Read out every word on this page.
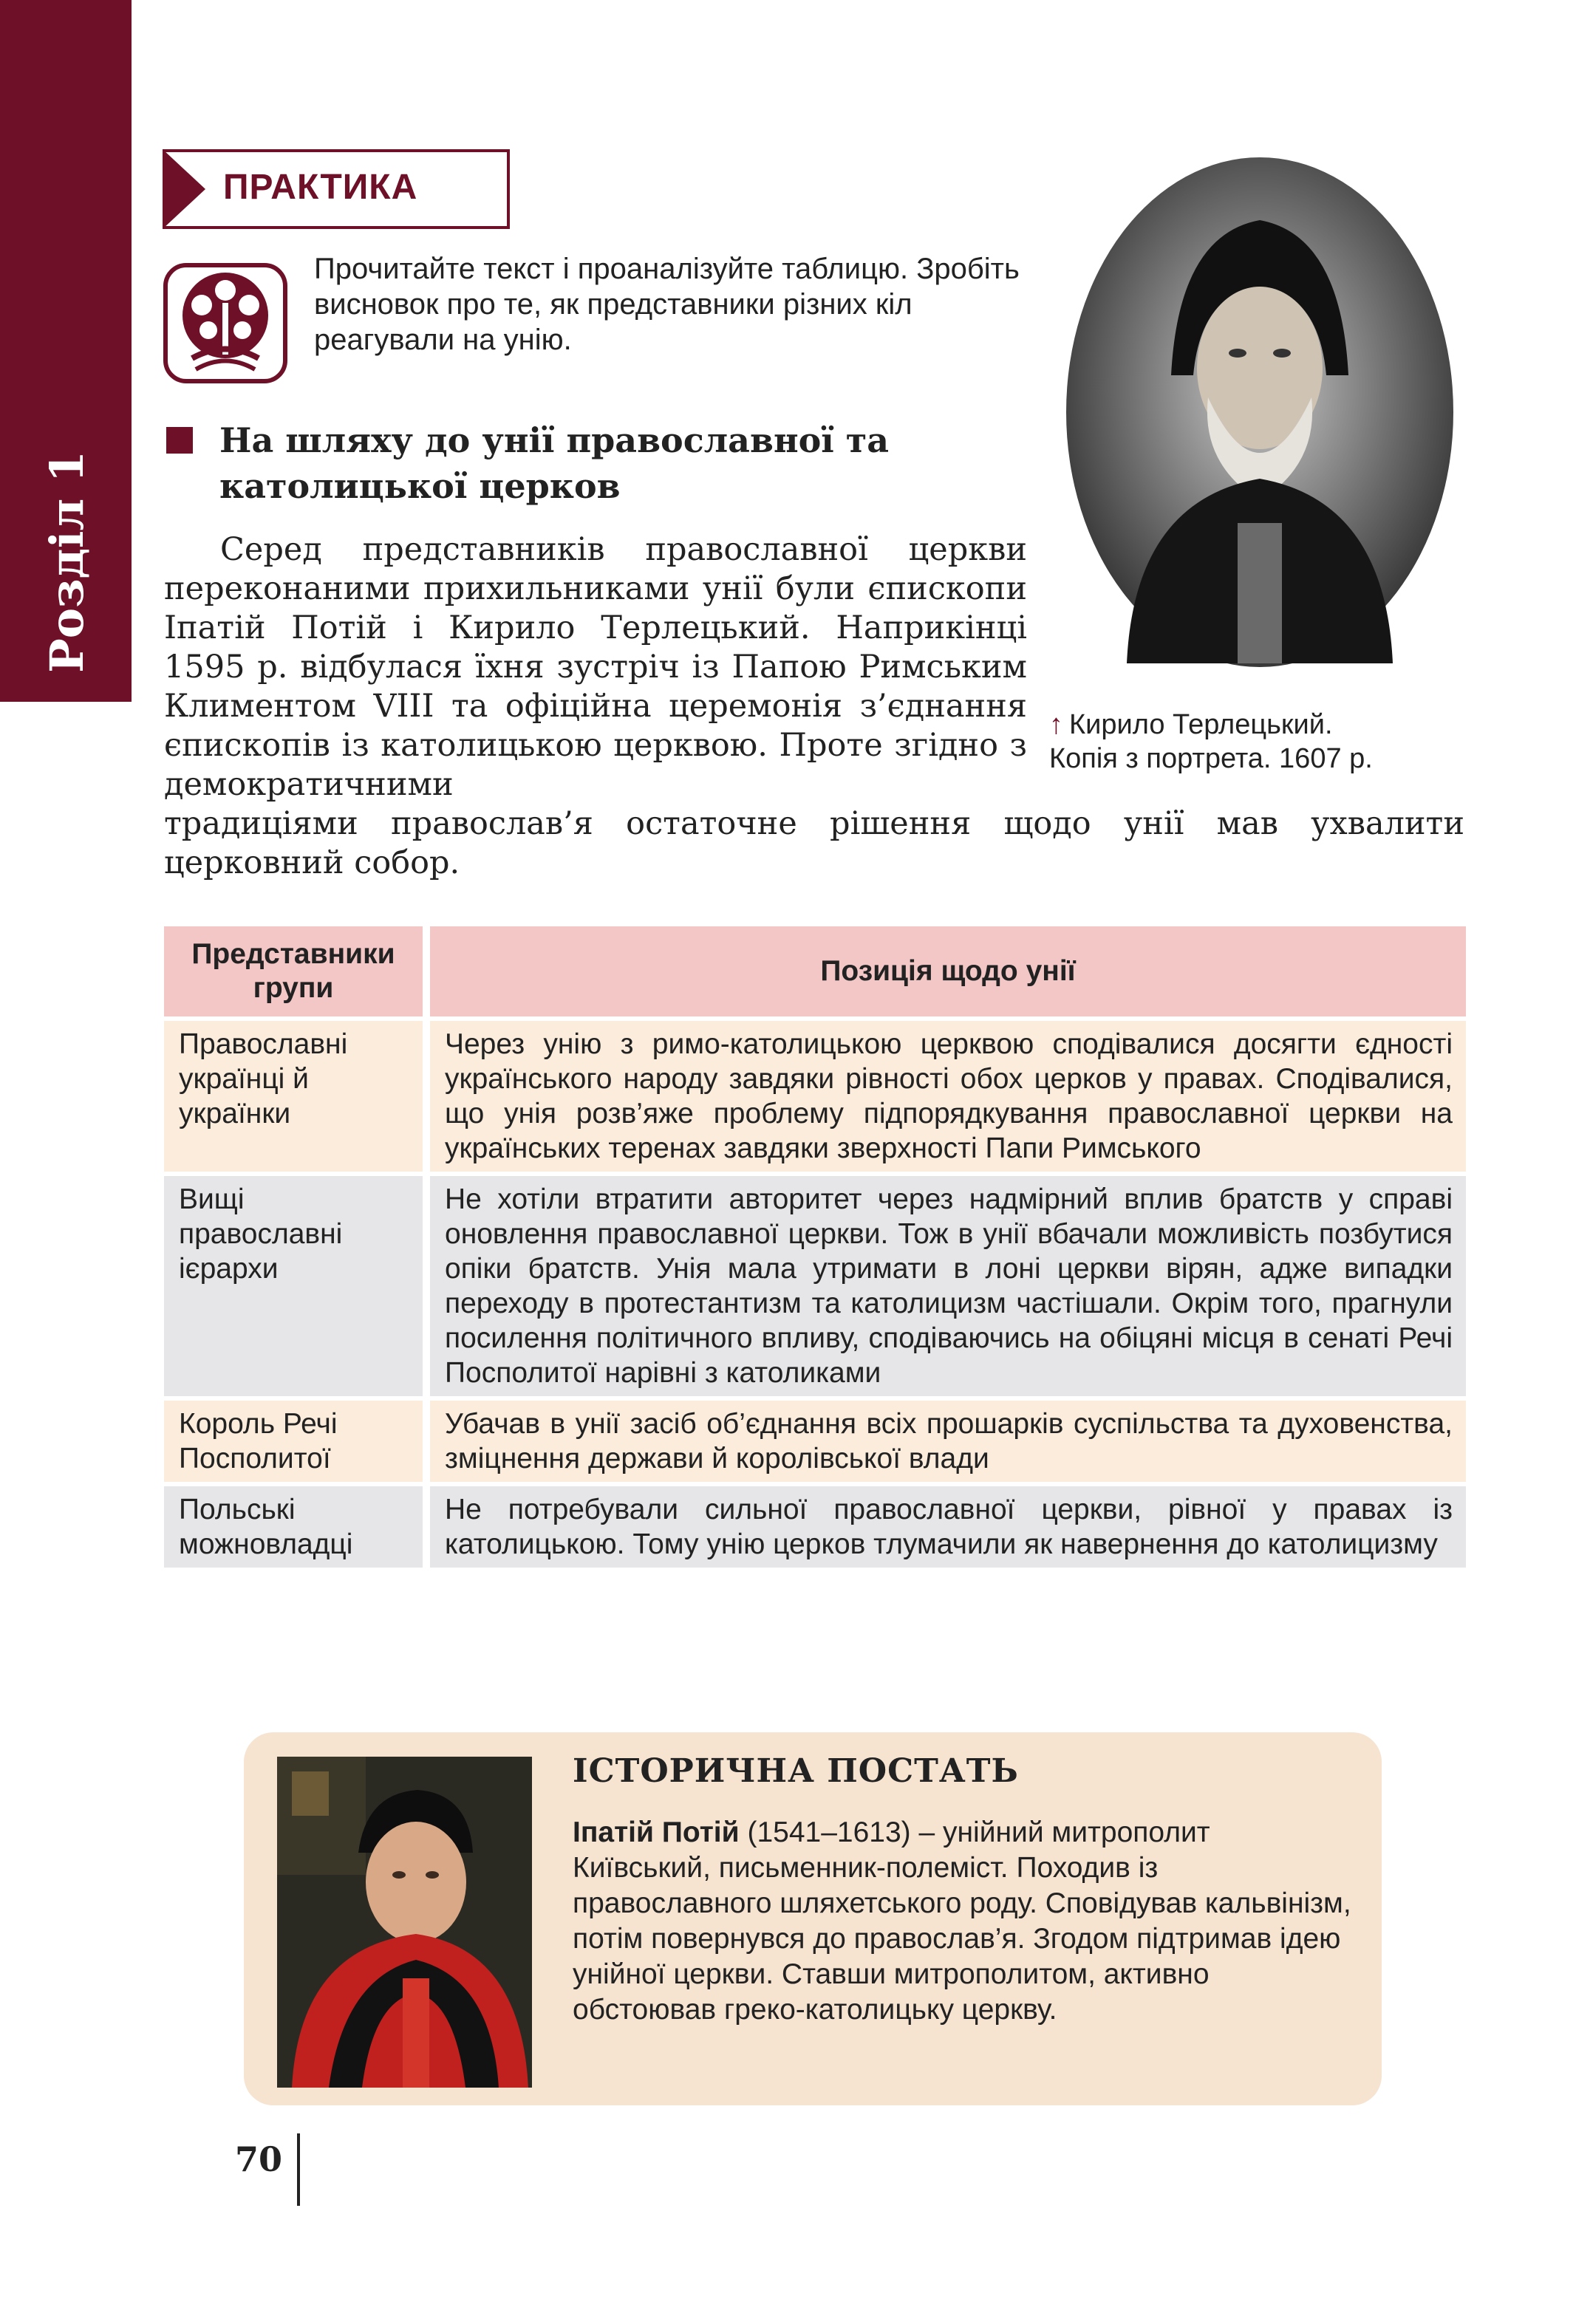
Розділ 1
ПРАКТИКА
Прочитайте текст і проаналізуйте таблицю. Зробіть висновок про те, як представники різних кіл реагували на унію.
↑ Кирило Терлецький.
Копія з портрета. 1607 р.
На шляху до унії православної та католицької церков
Серед представників православної церкви переконаними прихильниками унії були єпископи Іпатій Потій і Кирило Терлецький. Наприкінці 1595 р. відбулася їхня зустріч із Папою Римським Климентом VIII та офіційна церемонія з’єднання єпископів із католицькою церквою. Проте згідно з демократичними
традиціями православ’я остаточне рішення щодо унії мав ухвалити церковний собор.
Представники групи	Позиція щодо унії
Православні українці й українки	Через унію з римо-католицькою церквою сподівалися досягти єдності українського народу завдяки рівності обох церков у правах. Сподівалися, що унія розв’яже проблему підпорядкування православної церкви на українських теренах завдяки зверхності Папи Римського
Вищі православні ієрархи	Не хотіли втратити авторитет через надмірний вплив братств у справі оновлення православної церкви. Тож в унії вбачали можливість позбутися опіки братств. Унія мала утримати в лоні церкви вірян, адже випадки переходу в протестантизм та католицизм частішали. Окрім того, прагнули посилення політичного впливу, сподіваючись на обіцяні місця в сенаті Речі Посполитої нарівні з католиками
Король Речі Посполитої	Убачав в унії засіб об’єднання всіх прошарків суспільства та духовенства, зміцнення держави й королівської влади
Польські можновладці	Не потребували сильної православної церкви, рівної у правах із католицькою. Тому унію церков тлумачили як навернення до католицизму
ІСТОРИЧНА ПОСТАТЬ
Іпатій Потій (1541–1613) – унійний митрополит Київський, письменник-полеміст. Походив із православного шляхетського роду. Сповідував кальвінізм, потім повернувся до православ’я. Згодом підтримав ідею унійної церкви. Ставши митрополитом, активно обстоював греко-католицьку церкву.
70
